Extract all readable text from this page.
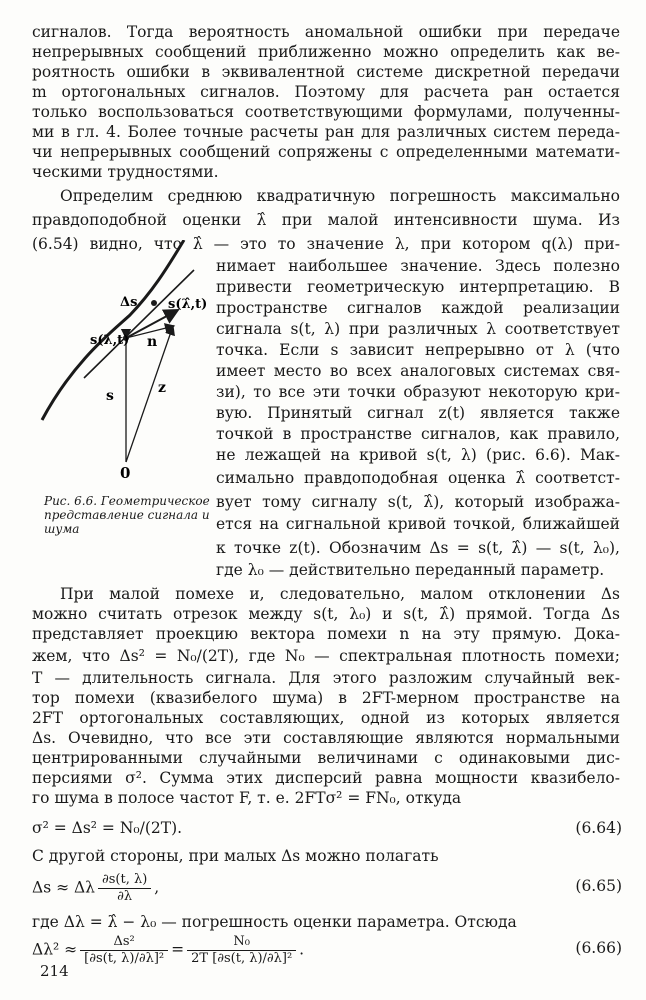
сигналов. Тогда вероятность аномальной ошибки при передаче
непрерывных сообщений приближенно можно определить как ве-
роятность ошибки в эквивалентной системе дискретной передачи
m ортогональных сигналов. Поэтому для расчета pан остается
только воспользоваться соответствующими формулами, полученны-
ми в гл. 4. Более точные расчеты pан для различных систем переда-
чи непрерывных сообщений сопряжены с определенными математи-
ческими трудностями.
Определим среднюю квадратичную погрешность максимально
правдоподобной оценки λ̂ при малой интенсивности шума. Из
(6.54) видно, что λ̂ — это то значение λ, при котором q(λ) при-
нимает наибольшее значение. Здесь полезно
привести геометрическую интерпретацию. В
пространстве сигналов каждой реализации
сигнала s(t, λ) при различных λ соответствует
точка. Если s зависит непрерывно от λ (что
имеет место во всех аналоговых системах свя-
зи), то все эти точки образуют некоторую кри-
вую. Принятый сигнал z(t) является также
точкой в пространстве сигналов, как правило,
не лежащей на кривой s(t, λ) (рис. 6.6). Мак-
симально правдоподобная оценка λ̂ соответст-
вует тому сигналу s(t, λ̂), который изобража-
ется на сигнальной кривой точкой, ближайшей
к точке z(t). Обозначим Δs = s(t, λ̂) — s(t, λ₀),
где λ₀ — действительно переданный параметр.
s(λ,t)
s(λ̂,t)
Δs
n
s	z
0
Рис. 6.6. Геометрическое представление сигнала и шума
При малой помехе и, следовательно, малом отклонении Δs
можно считать отрезок между s(t, λ₀) и s(t, λ̂) прямой. Тогда Δs
представляет проекцию вектора помехи n на эту прямую. Дока-
жем, что Δs² = N₀/(2T), где N₀ — спектральная плотность помехи;
T — длительность сигнала. Для этого разложим случайный век-
тор помехи (квазибелого шума) в 2FT-мерном пространстве на
2FT ортогональных составляющих, одной из которых является
Δs. Очевидно, что все эти составляющие являются нормальными
центрированными случайными величинами с одинаковыми дис-
персиями σ². Сумма этих дисперсий равна мощности квазибело-
го шума в полосе частот F, т. е. 2FTσ² = FN₀, откуда
σ² = Δs² = N₀/(2T).	(6.64)
С другой стороны, при малых Δs можно полагать
Δs ≈ Δλ $\frac{\partial s(t, \lambda)}{\partial\lambda}$ ,	(6.65)
где Δλ = λ̂ − λ₀ — погрешность оценки параметра. Отсюда
$\Delta\lambda^2 \approx \frac{\text{Δs²}}{\text{[∂s(t, λ)/∂λ]²}} = \frac{\text{N₀}}{\text{2T [∂s(t, λ)/∂λ]²}}$ .	(6.66)
214
